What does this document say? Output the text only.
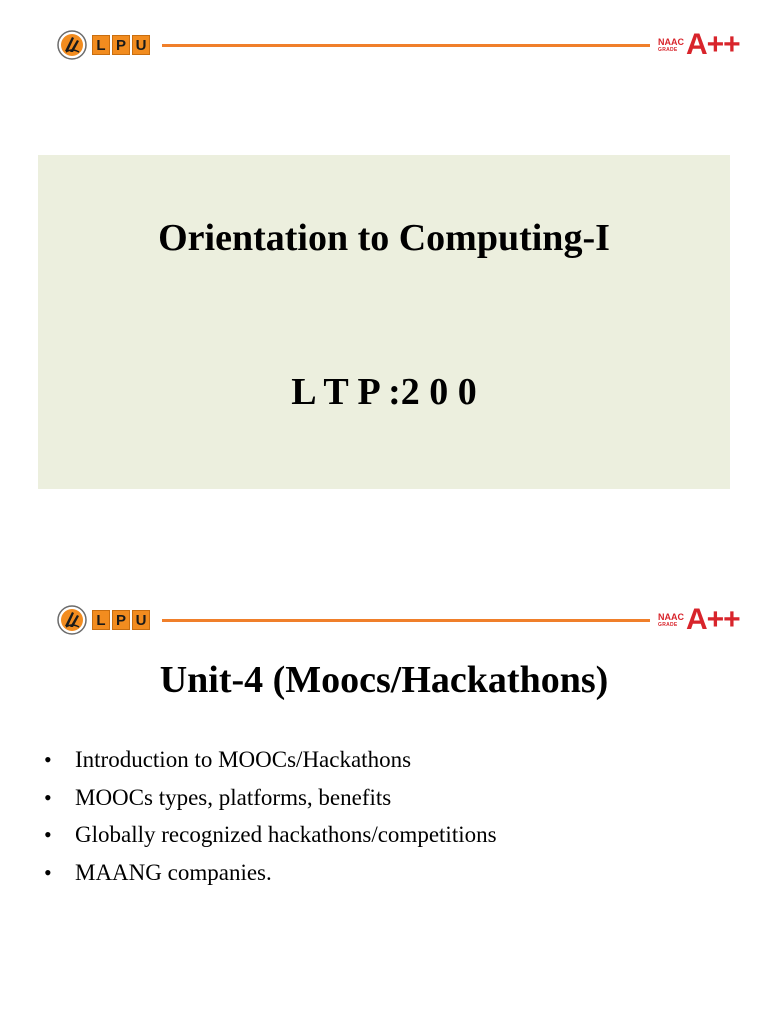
L P U	NAAC
GRADE A++
Orientation to Computing-I

L T P :2 0 0

L P U	NAAC
GRADE A++
Unit-4 (Moocs/Hackathons)
• Introduction to MOOCs/Hackathons
• MOOCs types, platforms, benefits
• Globally recognized hackathons/competitions
• MAANG companies.
